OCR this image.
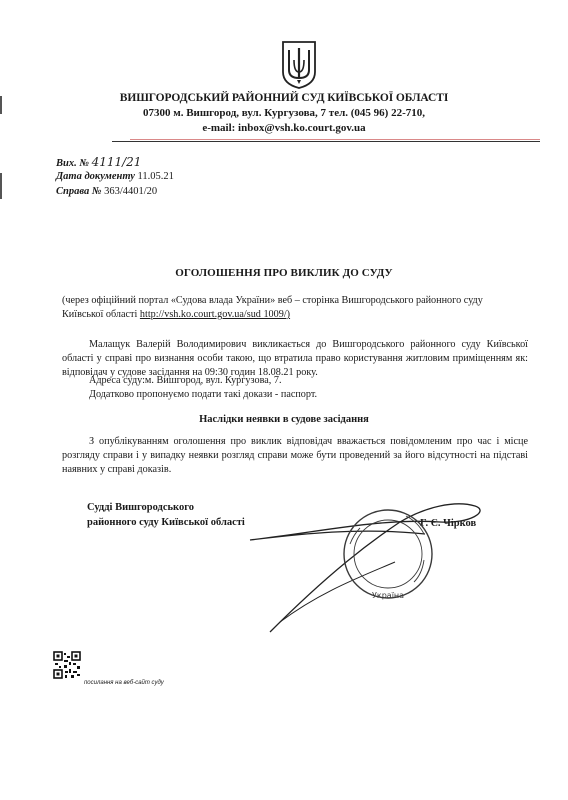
ВИШГОРОДСЬКИЙ РАЙОННИЙ СУД КИЇВСЬКОЇ ОБЛАСТІ
07300 м. Вишгород, вул. Кургузова, 7 тел. (045 96) 22-710,
e-mail: inbox@vsh.ko.court.gov.ua
Вих. № 4111/21
Дата документу 11.05.21
Справа № 363/4401/20
ОГОЛОШЕННЯ ПРО ВИКЛИК ДО СУДУ
(через офіційний портал «Судова влада України» веб – сторінка Вишгородського районного суду
Київської області http://vsh.ko.court.gov.ua/sud 1009/)
Малащук Валерій Володимирович викликається до Вишгородського районного суду Київської області у справі про визнання особи такою, що втратила право користування житловим приміщенням як: відповідач у судове засідання на 09:30 годин 18.08.21 року.
Адреса суду:м. Вишгород, вул. Кургузова, 7.
Додатково пропонуємо подати такі докази - паспорт.
Наслідки неявки в судове засідання
З опублікуванням оголошення про виклик відповідач вважається повідомленим про час і місце розгляду справи і у випадку неявки розгляд справи може бути проведений за його відсутності на підставі наявних у справі доказів.
Судді Вишгородського
районного суду Київської області	Г. Є. Чірков
Україна
посилання на веб-сайт суду
